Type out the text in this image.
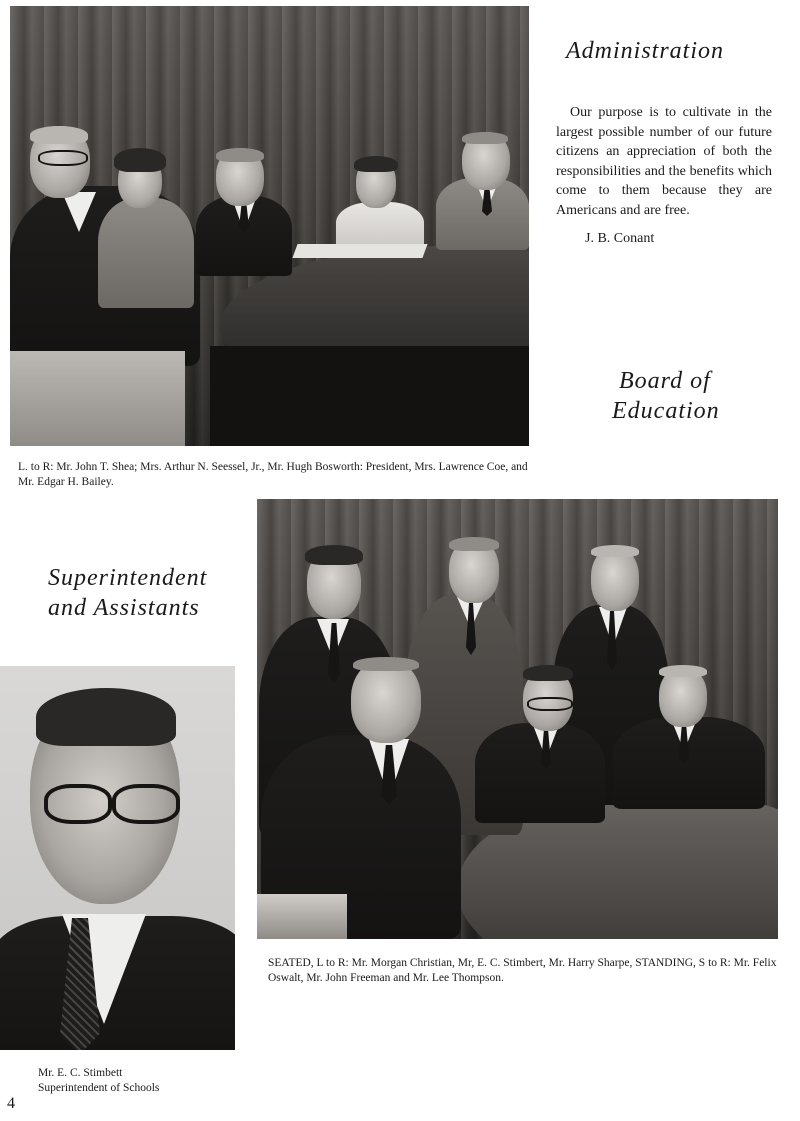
Administration
Our purpose is to cultivate in the largest possible number of our future citizens an appreciation of both the responsibilities and the benefits which come to them because they are Americans and are free.
J. B. Conant
Board of
Education
L. to R: Mr. John T. Shea; Mrs. Arthur N. Seessel, Jr., Mr. Hugh Bosworth: President, Mrs. Lawrence Coe, and Mr. Edgar H. Bailey.
Superintendent
and Assistants
SEATED, L to R: Mr. Morgan Christian, Mr, E. C. Stimbert, Mr. Harry Sharpe, STANDING, S to R: Mr. Felix Oswalt, Mr. John Freeman and Mr. Lee Thompson.
Mr. E. C. Stimbett
Superintendent of Schools
4
